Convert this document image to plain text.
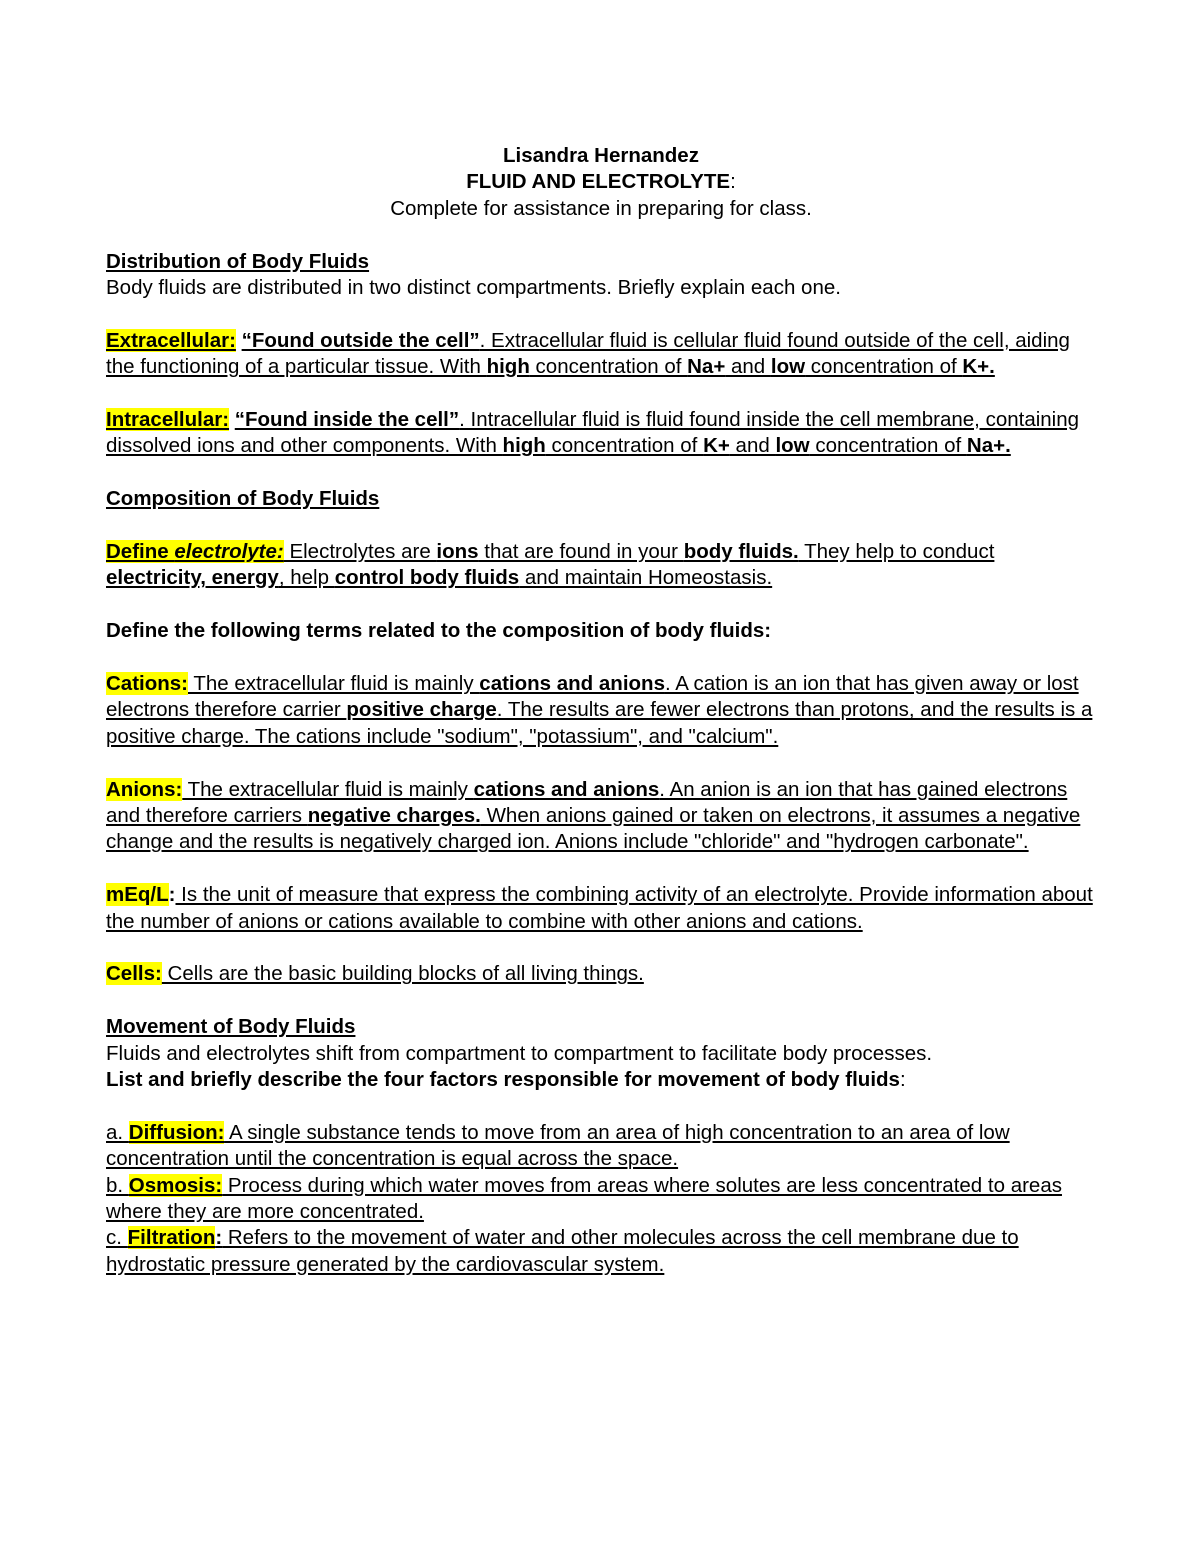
Lisandra Hernandez

FLUID AND ELECTROLYTE:

Complete for assistance in preparing for class.

Distribution of Body Fluids

Body fluids are distributed in two distinct compartments. Briefly explain each one.

Extracellular: “Found outside the cell”. Extracellular fluid is cellular fluid found outside of the cell, aiding the functioning of a particular tissue. With high concentration of Na+ and low concentration of K+.

Intracellular: “Found inside the cell”. Intracellular fluid is fluid found inside the cell membrane, containing dissolved ions and other components. With high concentration of K+ and low concentration of Na+.

Composition of Body Fluids

Define electrolyte: Electrolytes are ions that are found in your body fluids. They help to conduct electricity, energy, help control body fluids and maintain Homeostasis.

Define the following terms related to the composition of body fluids:

Cations: The extracellular fluid is mainly cations and anions. A cation is an ion that has given away or lost electrons therefore carrier positive charge. The results are fewer electrons than protons, and the results is a positive charge. The cations include "sodium", "potassium", and "calcium".

Anions: The extracellular fluid is mainly cations and anions. An anion is an ion that has gained electrons and therefore carriers negative charges. When anions gained or taken on electrons, it assumes a negative change and the results is negatively charged ion. Anions include "chloride" and "hydrogen carbonate".

mEq/L: Is the unit of measure that express the combining activity of an electrolyte. Provide information about the number of anions or cations available to combine with other anions and cations.

Cells: Cells are the basic building blocks of all living things.

Movement of Body Fluids

Fluids and electrolytes shift from compartment to compartment to facilitate body processes.

List and briefly describe the four factors responsible for movement of body fluids:

a. Diffusion: A single substance tends to move from an area of high concentration to an area of low concentration until the concentration is equal across the space.

b. Osmosis: Process during which water moves from areas where solutes are less concentrated to areas where they are more concentrated.

c. Filtration: Refers to the movement of water and other molecules across the cell membrane due to hydrostatic pressure generated by the cardiovascular system.
